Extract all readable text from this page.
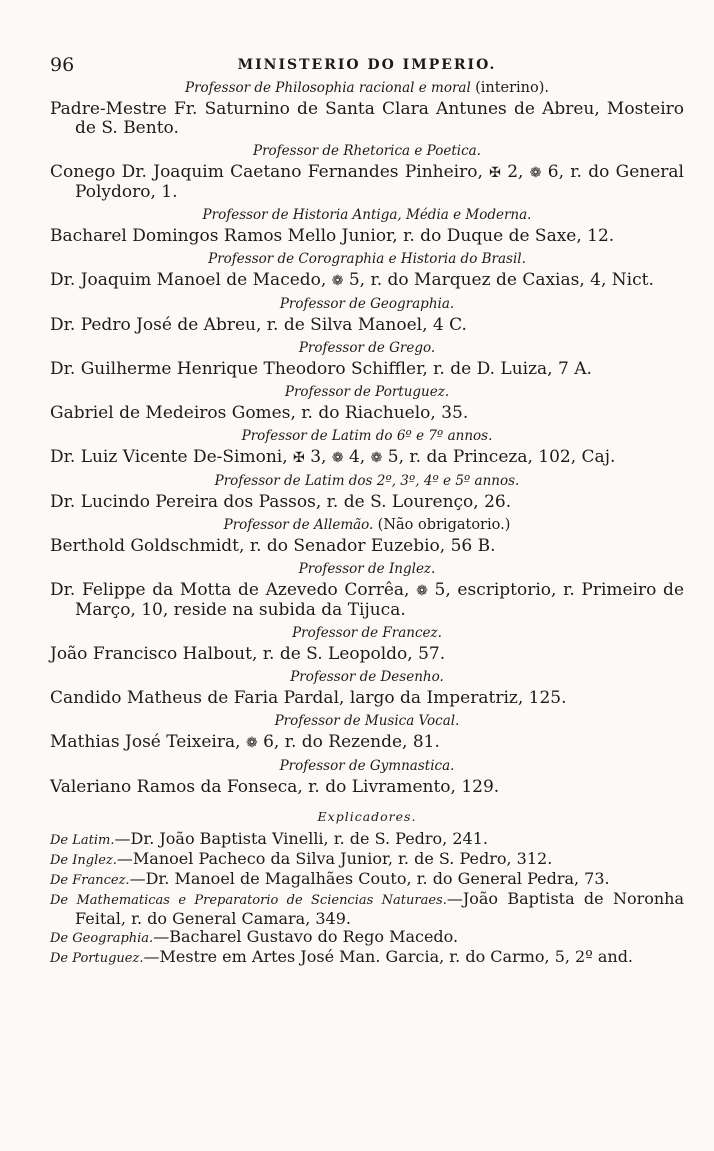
96	MINISTERIO DO IMPERIO.
Professor de Philosophia racional e moral (interino).
Padre-Mestre Fr. Saturnino de Santa Clara Antunes de Abreu, Mosteiro de S. Bento.
Professor de Rhetorica e Poetica.
Conego Dr. Joaquim Caetano Fernandes Pinheiro, ✠ 2, ❁ 6, r. do General Polydoro, 1.
Professor de Historia Antiga, Média e Moderna.
Bacharel Domingos Ramos Mello Junior, r. do Duque de Saxe, 12.
Professor de Corographia e Historia do Brasil.
Dr. Joaquim Manoel de Macedo, ❁ 5, r. do Marquez de Caxias, 4, Nict.
Professor de Geographia.
Dr. Pedro José de Abreu, r. de Silva Manoel, 4 C.
Professor de Grego.
Dr. Guilherme Henrique Theodoro Schiffler, r. de D. Luiza, 7 A.
Professor de Portuguez.
Gabriel de Medeiros Gomes, r. do Riachuelo, 35.
Professor de Latim do 6º e 7º annos.
Dr. Luiz Vicente De-Simoni, ✠ 3, ❁ 4, ❁ 5, r. da Princeza, 102, Caj.
Professor de Latim dos 2º, 3º, 4º e 5º annos.
Dr. Lucindo Pereira dos Passos, r. de S. Lourenço, 26.
Professor de Allemão. (Não obrigatorio.)
Berthold Goldschmidt, r. do Senador Euzebio, 56 B.
Professor de Inglez.
Dr. Felippe da Motta de Azevedo Corrêa, ❁ 5, escriptorio, r. Primeiro de Março, 10, reside na subida da Tijuca.
Professor de Francez.
João Francisco Halbout, r. de S. Leopoldo, 57.
Professor de Desenho.
Candido Matheus de Faria Pardal, largo da Imperatriz, 125.
Professor de Musica Vocal.
Mathias José Teixeira, ❁ 6, r. do Rezende, 81.
Professor de Gymnastica.
Valeriano Ramos da Fonseca, r. do Livramento, 129.
Explicadores.
De Latim.—Dr. João Baptista Vinelli, r. de S. Pedro, 241.
De Inglez.—Manoel Pacheco da Silva Junior, r. de S. Pedro, 312.
De Francez.—Dr. Manoel de Magalhães Couto, r. do General Pedra, 73.
De Mathematicas e Preparatorio de Sciencias Naturaes.—João Baptista de Noronha Feital, r. do General Camara, 349.
De Geographia.—Bacharel Gustavo do Rego Macedo.
De Portuguez.—Mestre em Artes José Man. Garcia, r. do Carmo, 5, 2º and.
